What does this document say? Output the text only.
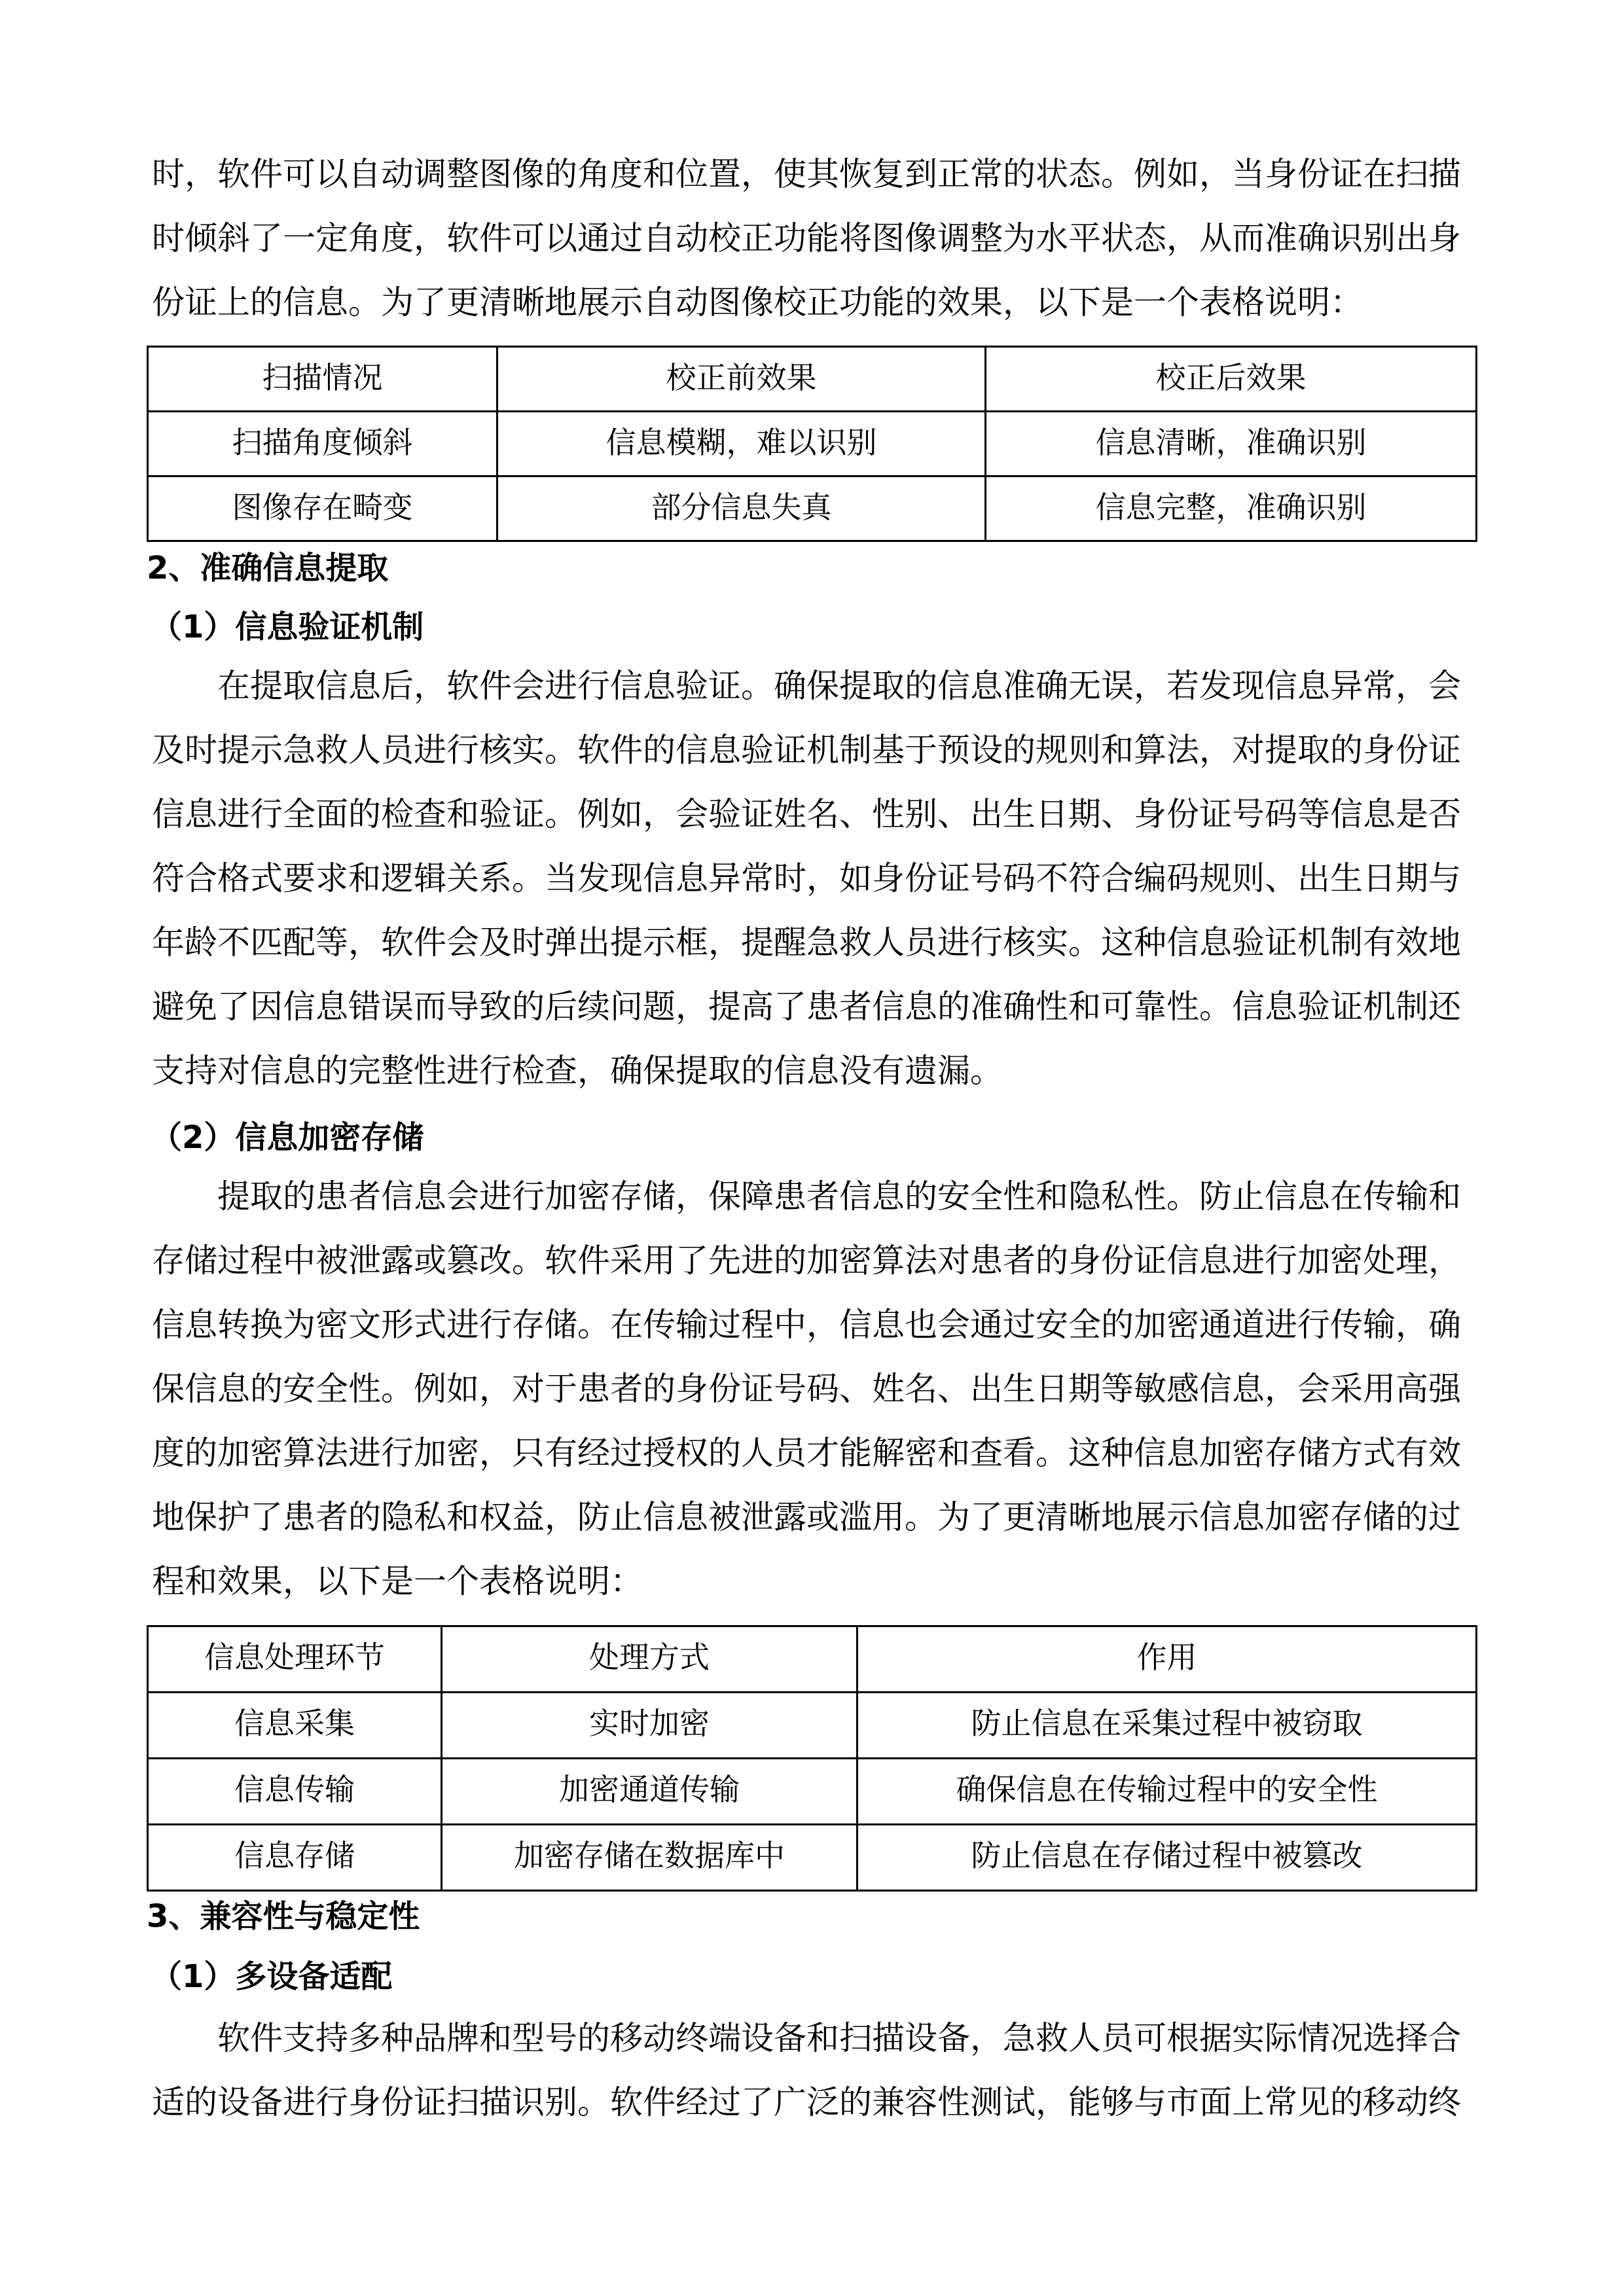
时，软件可以自动调整图像的角度和位置，使其恢复到正常的状态。例如，当身份证在扫描
时倾斜了一定角度，软件可以通过自动校正功能将图像调整为水平状态，从而准确识别出身
份证上的信息。为了更清晰地展示自动图像校正功能的效果，以下是一个表格说明：
扫描情况	校正前效果	校正后效果
扫描角度倾斜	信息模糊，难以识别	信息清晰，准确识别
图像存在畸变	部分信息失真	信息完整，准确识别
2、准确信息提取
（1）信息验证机制
在提取信息后，软件会进行信息验证。确保提取的信息准确无误，若发现信息异常，会
及时提示急救人员进行核实。软件的信息验证机制基于预设的规则和算法，对提取的身份证
信息进行全面的检查和验证。例如，会验证姓名、性别、出生日期、身份证号码等信息是否
符合格式要求和逻辑关系。当发现信息异常时，如身份证号码不符合编码规则、出生日期与
年龄不匹配等，软件会及时弹出提示框，提醒急救人员进行核实。这种信息验证机制有效地
避免了因信息错误而导致的后续问题，提高了患者信息的准确性和可靠性。信息验证机制还
支持对信息的完整性进行检查，确保提取的信息没有遗漏。
（2）信息加密存储
提取的患者信息会进行加密存储，保障患者信息的安全性和隐私性。防止信息在传输和
存储过程中被泄露或篡改。软件采用了先进的加密算法对患者的身份证信息进行加密处理，
信息转换为密文形式进行存储。在传输过程中，信息也会通过安全的加密通道进行传输，确
保信息的安全性。例如，对于患者的身份证号码、姓名、出生日期等敏感信息，会采用高强
度的加密算法进行加密，只有经过授权的人员才能解密和查看。这种信息加密存储方式有效
地保护了患者的隐私和权益，防止信息被泄露或滥用。为了更清晰地展示信息加密存储的过
程和效果，以下是一个表格说明：
信息处理环节	处理方式	作用
信息采集	实时加密	防止信息在采集过程中被窃取
信息传输	加密通道传输	确保信息在传输过程中的安全性
信息存储	加密存储在数据库中	防止信息在存储过程中被篡改
3、兼容性与稳定性
（1）多设备适配
软件支持多种品牌和型号的移动终端设备和扫描设备，急救人员可根据实际情况选择合
适的设备进行身份证扫描识别。软件经过了广泛的兼容性测试，能够与市面上常见的移动终
